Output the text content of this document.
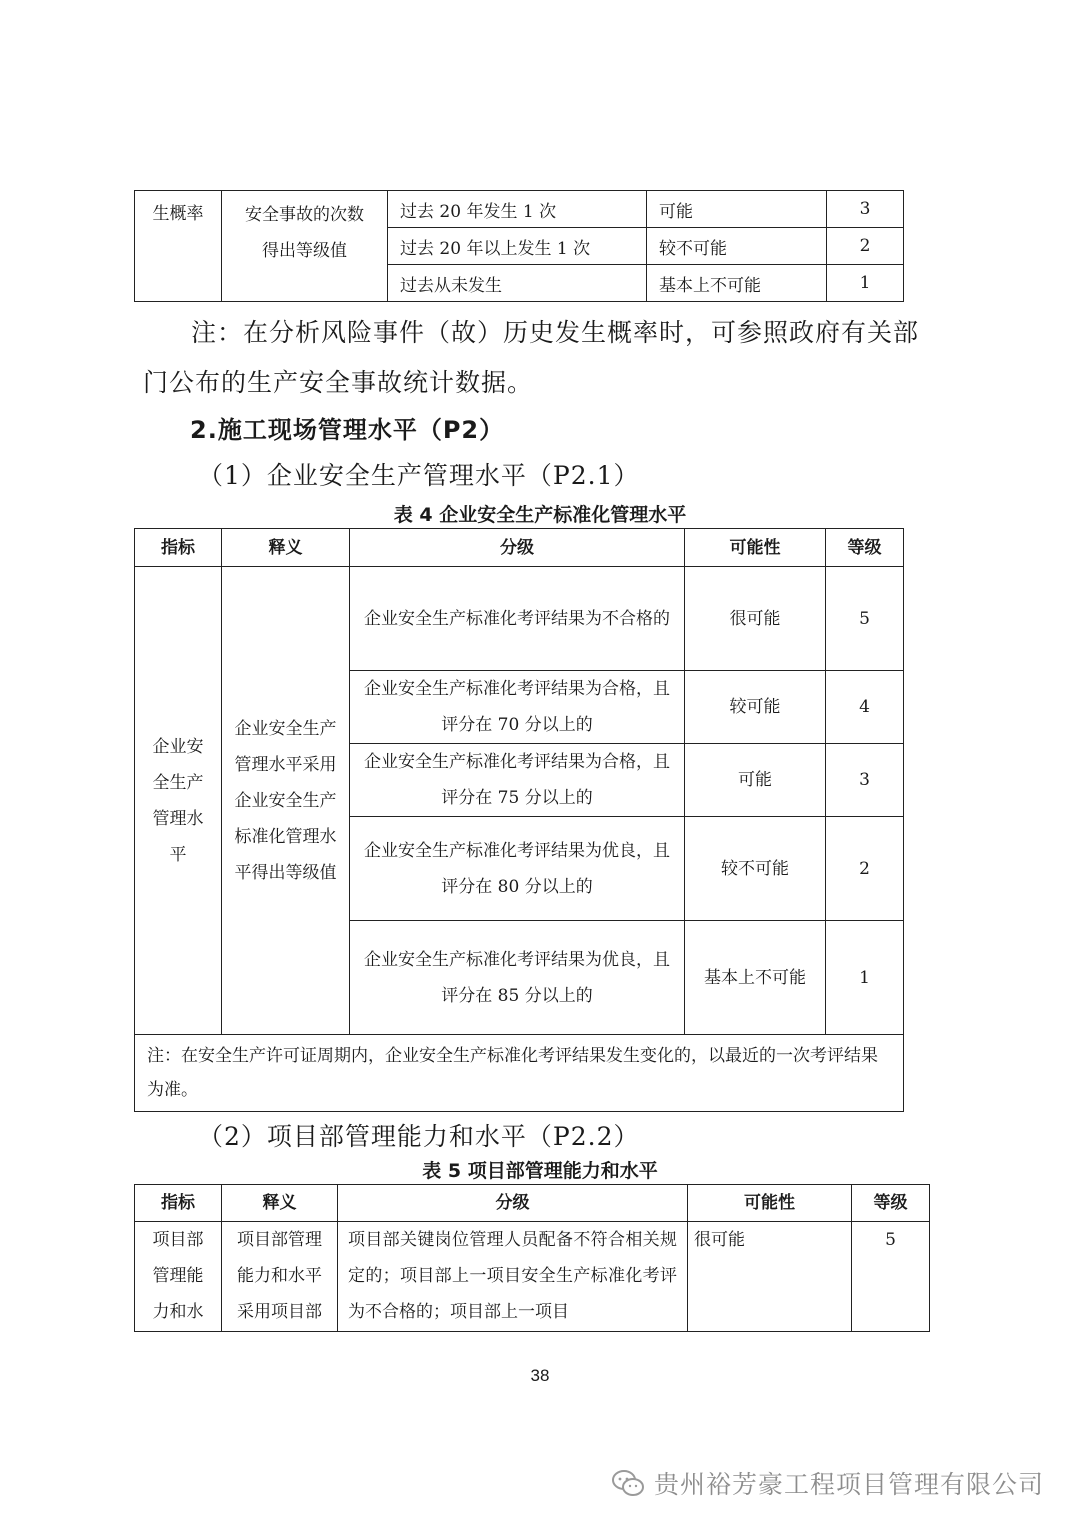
生概率	安全事故的次数得出等级值	过去 20 年发生 1 次	可能	3
		过去 20 年以上发生 1 次	较不可能	2
		过去从未发生	基本上不可能	1
注：在分析风险事件（故）历史发生概率时，可参照政府有关部门公布的生产安全事故统计数据。
2.施工现场管理水平（P2）
（1）企业安全生产管理水平（P2.1）
表 4 企业安全生产标准化管理水平
指标	释义	分级	可能性	等级
企业安全生产管理水平	企业安全生产管理水平采用企业安全生产标准化管理水平得出等级值	企业安全生产标准化考评结果为不合格的	很可能	5
		企业安全生产标准化考评结果为合格，且评分在 70 分以上的	较可能	4
		企业安全生产标准化考评结果为合格，且评分在 75 分以上的	可能	3
		企业安全生产标准化考评结果为优良，且评分在 80 分以上的	较不可能	2
		企业安全生产标准化考评结果为优良，且评分在 85 分以上的	基本上不可能	1
注：在安全生产许可证周期内，企业安全生产标准化考评结果发生变化的，以最近的一次考评结果为准。				
（2）项目部管理能力和水平（P2.2）
表 5 项目部管理能力和水平
指标	释义	分级	可能性	等级
项目部管理能力和水	项目部管理能力和水平采用项目部	项目部关键岗位管理人员配备不符合相关规定的；项目部上一项目安全生产标准化考评为不合格的；项目部上一项目	很可能	5
38
贵州裕芳豪工程项目管理有限公司
